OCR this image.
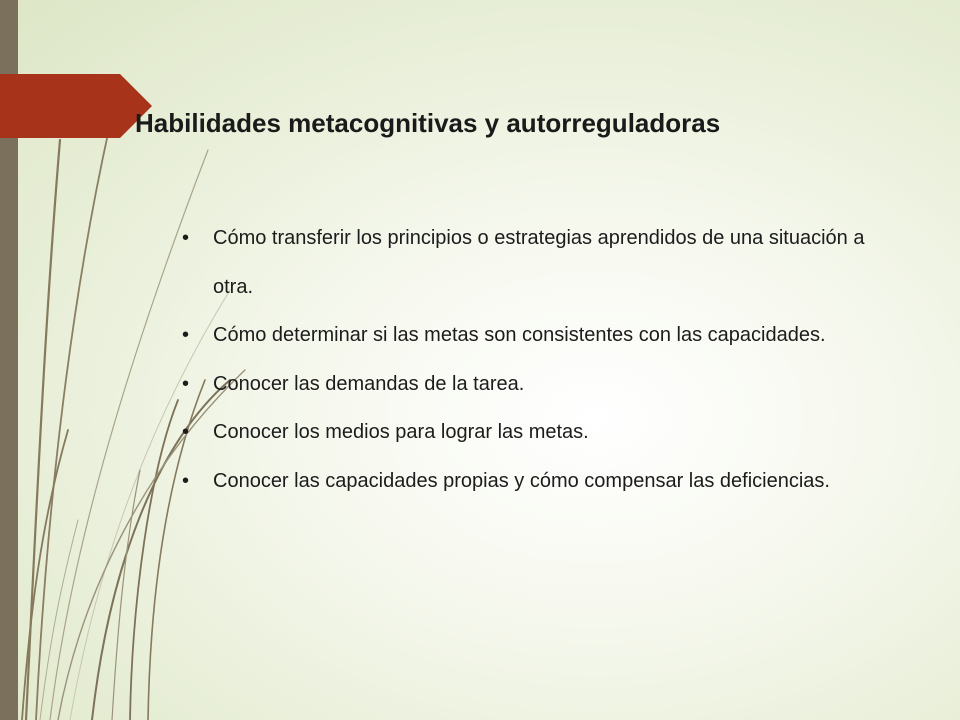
Habilidades metacognitivas y autorreguladoras
• Cómo transferir los principios o estrategias aprendidos de una situación a otra.
• Cómo determinar si las metas son consistentes con las capacidades.
• Conocer las demandas de la tarea.
• Conocer los medios para lograr las metas.
• Conocer las capacidades propias y cómo compensar las deficiencias.
